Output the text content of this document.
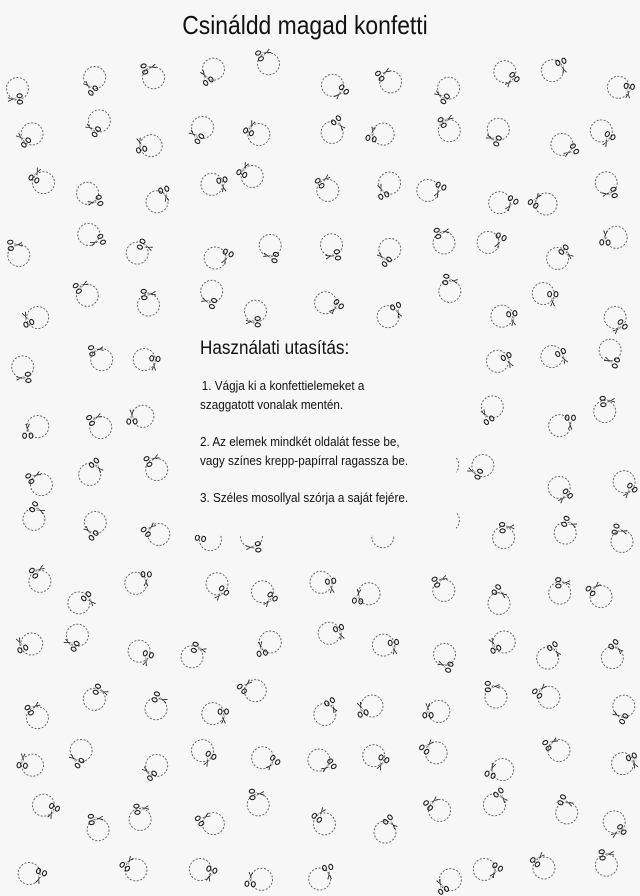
Csináldd magad konfetti
Használati utasítás:
1. Vágja ki a konfettielemeket a
szaggatott vonalak mentén.
2. Az elemek mindkét oldalát fesse be,
vagy színes krepp-papírral ragassza be.
3. Széles mosollyal szórja a saját fejére.
